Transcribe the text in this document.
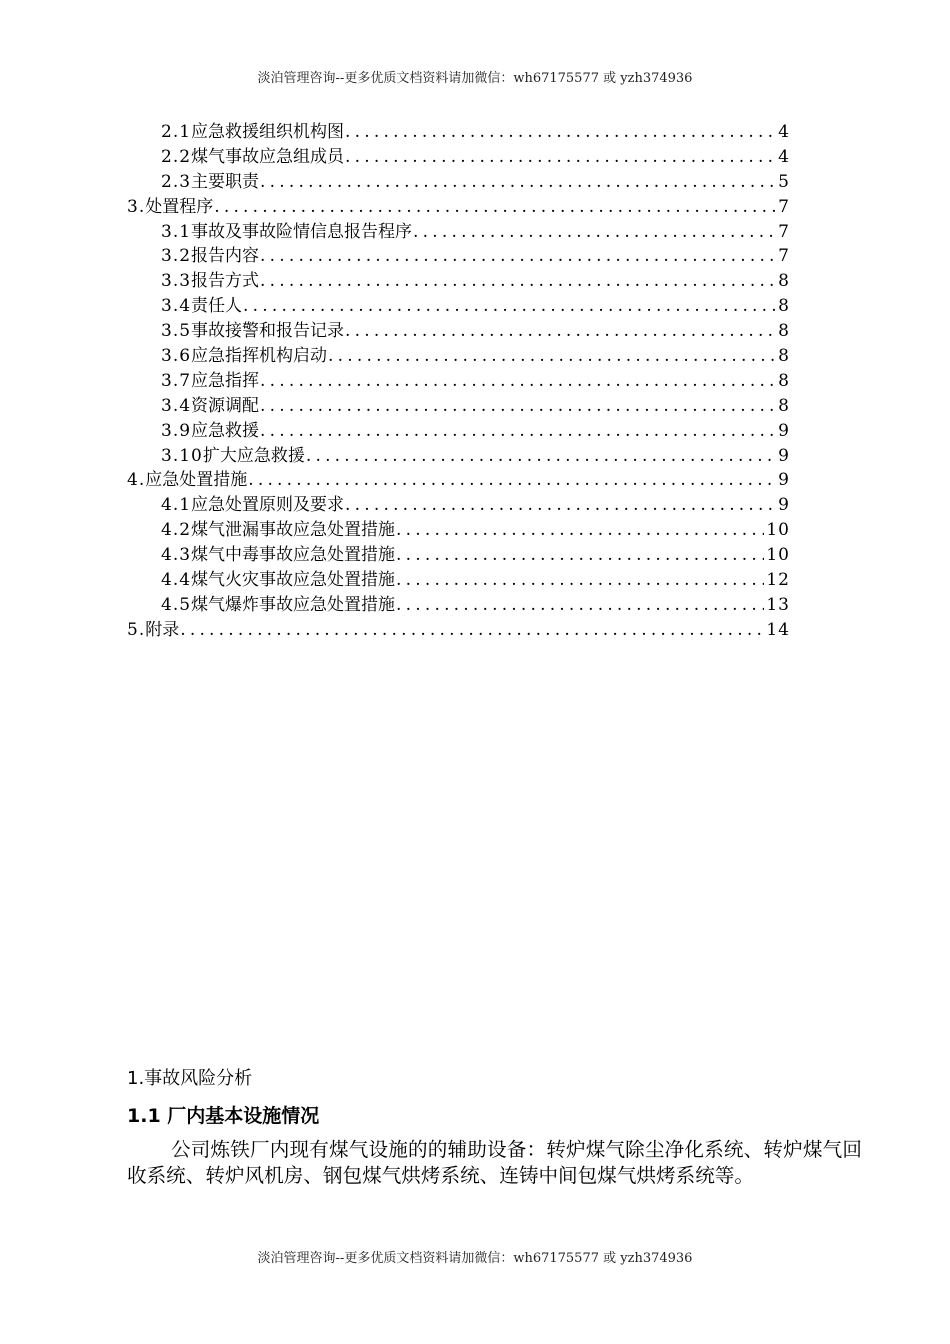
淡泊管理咨询--更多优质文档资料请加微信：wh67175577 或 yzh374936
2.1 应急救援组织机构图 .....	4
2.2 煤气事故应急组成员 .....	4
2.3 主要职责 .....	5
3. 处置程序 .....	7
3.1 事故及事故险情信息报告程序 .....	7
3.2 报告内容 .....	7
3.3 报告方式 .....	8
3.4 责任人 .....	8
3.5 事故接警和报告记录 .....	8
3.6 应急指挥机构启动 .....	8
3.7 应急指挥 .....	8
3.4 资源调配 .....	8
3.9 应急救援 .....	9
3.10 扩大应急救援 .....	9
4. 应急处置措施 .....	9
4.1 应急处置原则及要求 .....	9
4.2 煤气泄漏事故应急处置措施 .....	10
4.3 煤气中毒事故应急处置措施 .....	10
4.4 煤气火灾事故应急处置措施 .....	12
4.5 煤气爆炸事故应急处置措施 .....	13
5. 附录 .....	14
1.事故风险分析
1.1 厂内基本设施情况

公司炼铁厂内现有煤气设施的的辅助设备：转炉煤气除尘净化系统、转炉煤气回收系统、转炉风机房、钢包煤气烘烤系统、连铸中间包煤气烘烤系统等。

淡泊管理咨询--更多优质文档资料请加微信：wh67175577 或 yzh374936
